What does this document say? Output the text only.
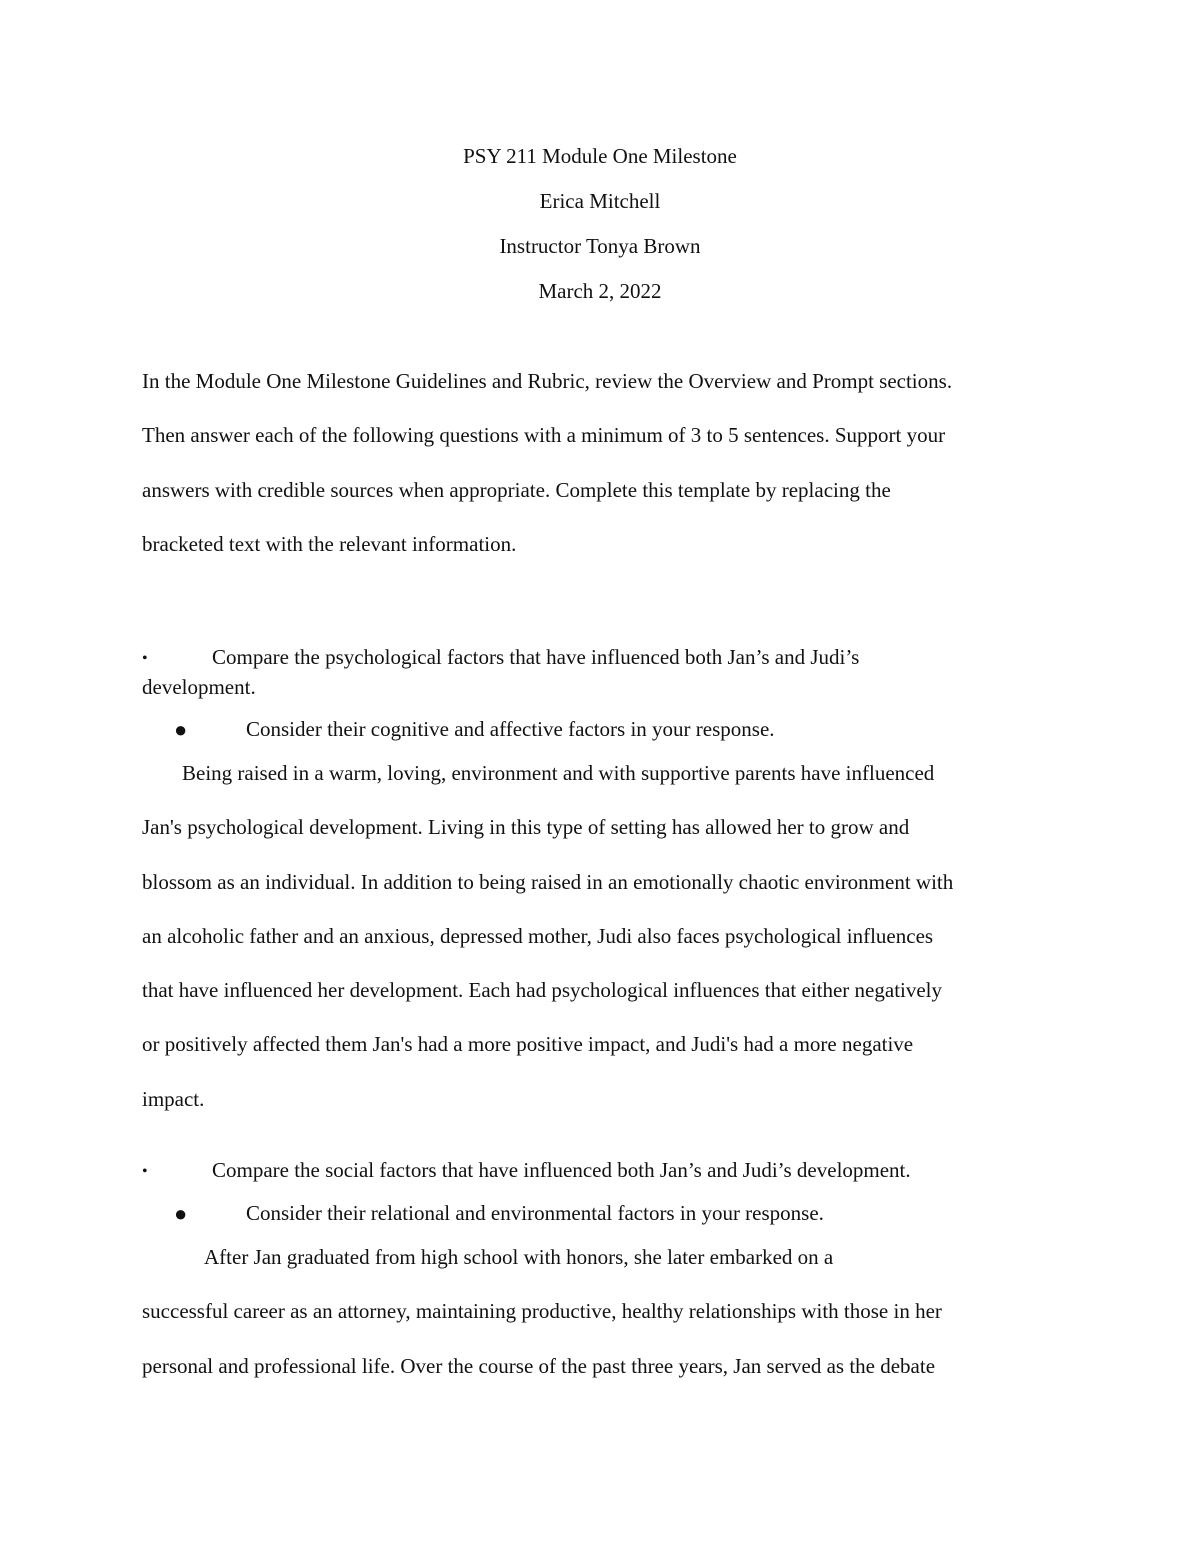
PSY 211 Module One Milestone
Erica Mitchell
Instructor Tonya Brown
March 2, 2022

In the Module One Milestone Guidelines and Rubric, review the Overview and Prompt sections.

Then answer each of the following questions with a minimum of 3 to 5 sentences. Support your

answers with credible sources when appropriate. Complete this template by replacing the

bracketed text with the relevant information.

•	Compare the psychological factors that have influenced both Jan’s and Judi’s
development.

●	Consider their cognitive and affective factors in your response.

Being raised in a warm, loving, environment and with supportive parents have influenced

Jan's psychological development. Living in this type of setting has allowed her to grow and

blossom as an individual. In addition to being raised in an emotionally chaotic environment with

an alcoholic father and an anxious, depressed mother, Judi also faces psychological influences

that have influenced her development. Each had psychological influences that either negatively

or positively affected them Jan's had a more positive impact, and Judi's had a more negative

impact.

•	Compare the social factors that have influenced both Jan’s and Judi’s development.

●	Consider their relational and environmental factors in your response.

After Jan graduated from high school with honors, she later embarked on a

successful career as an attorney, maintaining productive, healthy relationships with those in her

personal and professional life. Over the course of the past three years, Jan served as the debate
